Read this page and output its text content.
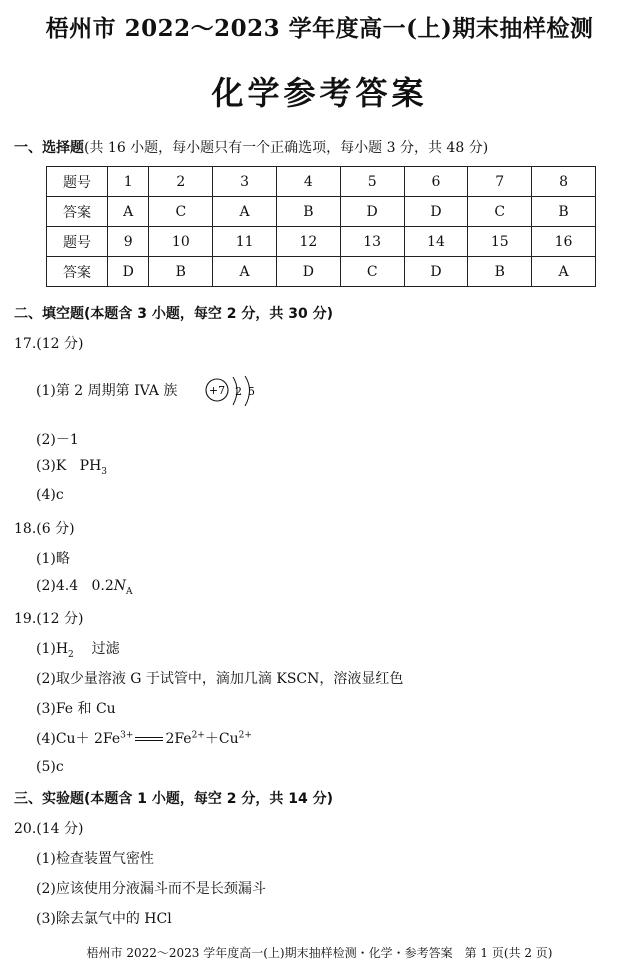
梧州市 2022～2023 学年度高一(上)期末抽样检测
化学参考答案
一、选择题(共 16 小题，每小题只有一个正确选项，每小题 3 分，共 48 分)
题号	1	2	3	4	5	6	7	8
答案	A	C	A	B	D	D	C	B
题号	9	10	11	12	13	14	15	16
答案	D	B	A	D	C	D	B	A
二、填空题(本题含 3 小题，每空 2 分，共 30 分)
17.(12 分)
(1)第 2 周期第 IVA 族	+7 2 5
(2)－1
(3)K $PH_3$
(4)c
18.(6 分)
(1)略
(2)4.4 $0.2N_A$
19.(12 分)
$(1)H_2$ 过滤
(2)取少量溶液 G 于试管中，滴加几滴 KSCN，溶液显红色
(3)Fe 和 Cu
$(4)Cu+ 2Fe^{3+}$ $2Fe^{2+}+Cu^{2+}$
(5)c
三、实验题(本题含 1 小题，每空 2 分，共 14 分)
20.(14 分)
(1)检查装置气密性
(2)应该使用分液漏斗而不是长颈漏斗
(3)除去氯气中的 HCl
梧州市 2022～2023 学年度高一(上)期末抽样检测・化学・参考答案　第 1 页(共 2 页)
